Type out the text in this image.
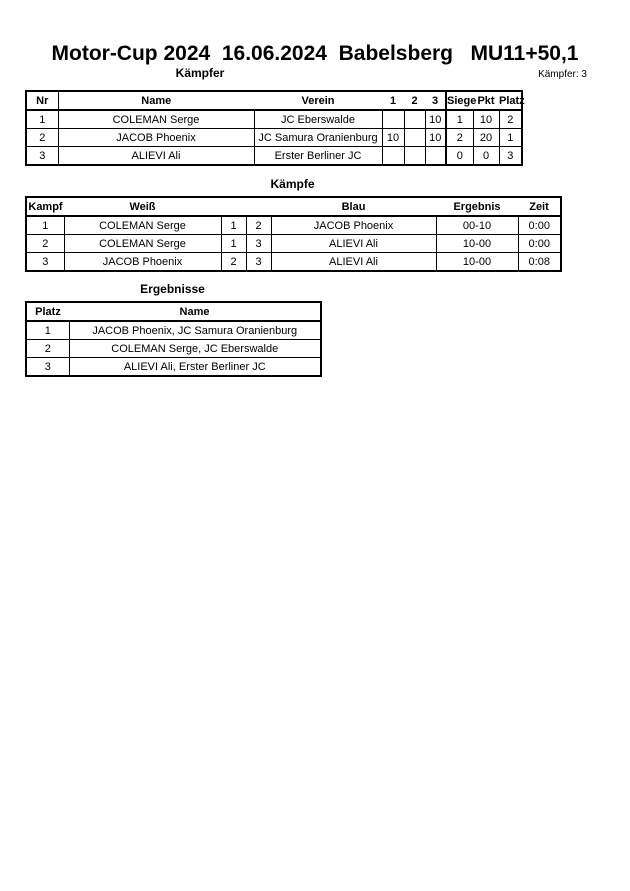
Motor-Cup 2024  16.06.2024  Babelsberg   MU11+50,1
Kämpfer	Kämpfer: 3
Nr	Name	Verein	1	2	3	Siege	Pkt	Platz
1	COLEMAN Serge	JC Eberswalde			10	1	10	2
2	JACOB Phoenix	JC Samura Oranienburg	10		10	2	20	1
3	ALIEVI Ali	Erster Berliner JC				0	0	3
Kämpfe
Kampf	Weiß			Blau	Ergebnis	Zeit
1	COLEMAN Serge	1	2	JACOB Phoenix	00-10	0:00
2	COLEMAN Serge	1	3	ALIEVI Ali	10-00	0:00
3	JACOB Phoenix	2	3	ALIEVI Ali	10-00	0:08
Ergebnisse
Platz	Name
1	JACOB Phoenix, JC Samura Oranienburg
2	COLEMAN Serge, JC Eberswalde
3	ALIEVI Ali, Erster Berliner JC
